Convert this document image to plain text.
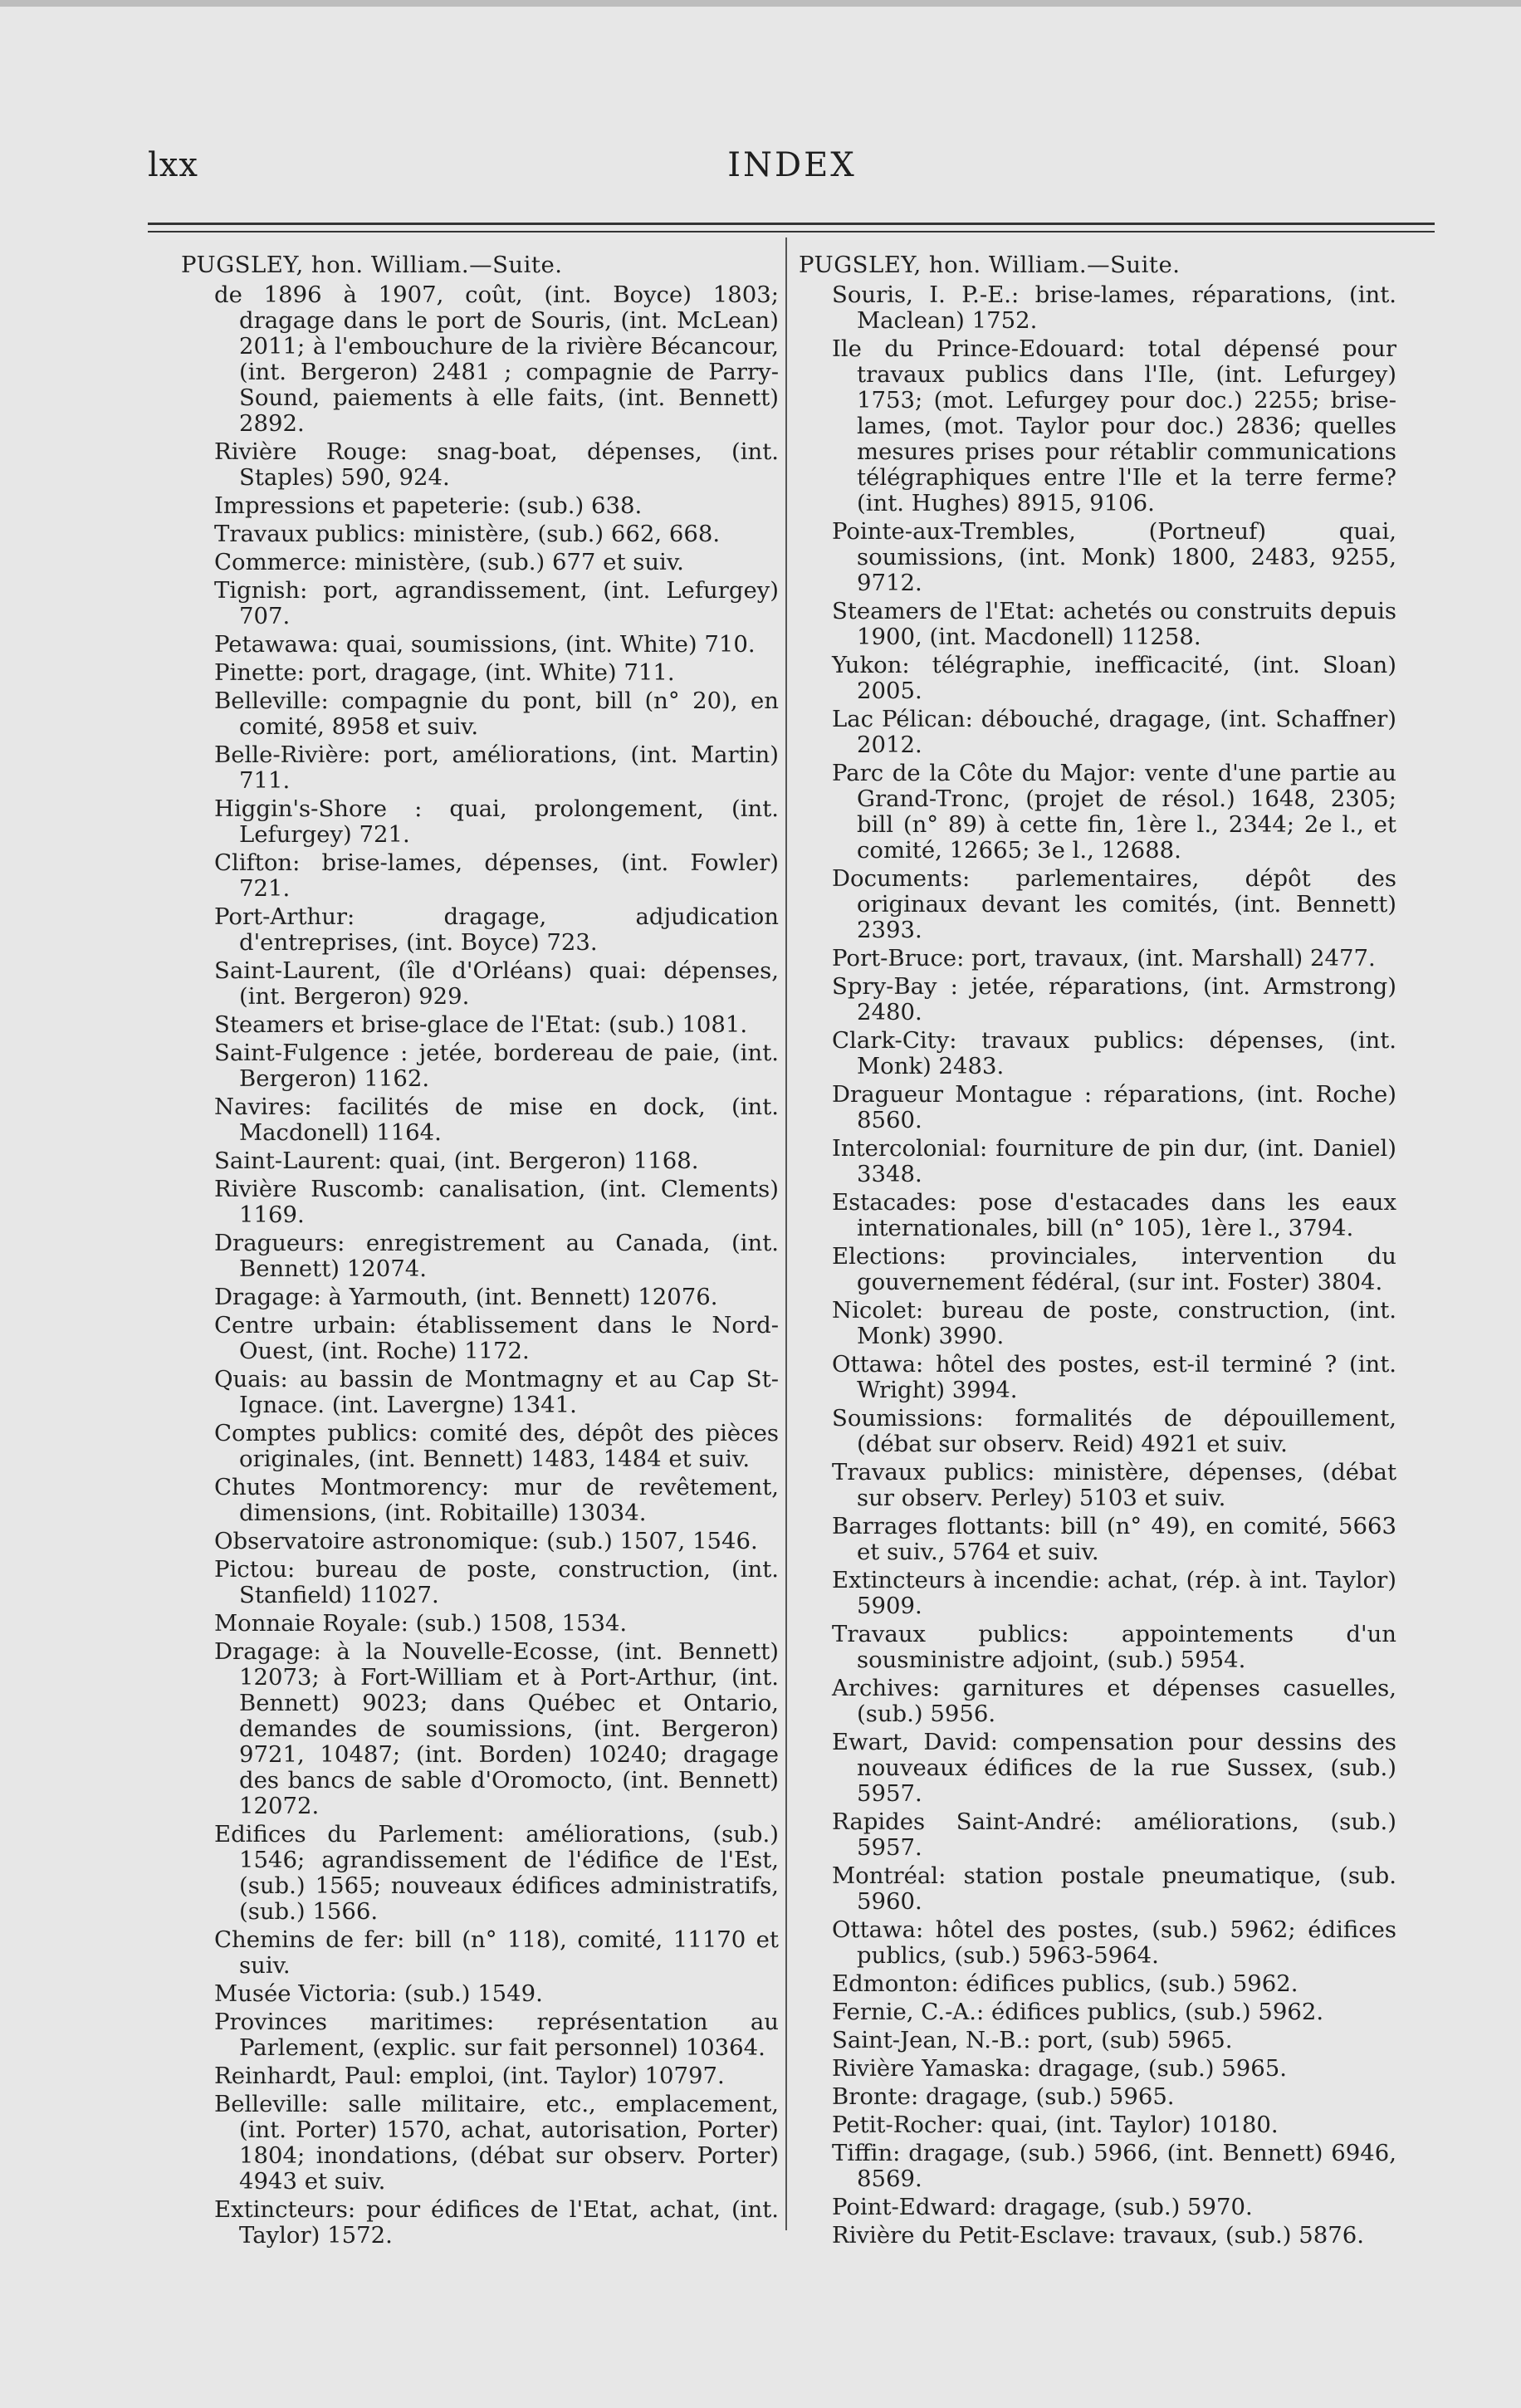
lxx	INDEX
PUGSLEY, hon. William.—Suite.
de 1896 à 1907, coût, (int. Boyce) 1803; dragage dans le port de Souris, (int. McLean) 2011; à l'embouchure de la rivière Bécancour, (int. Bergeron) 2481 ; compagnie de Parry-Sound, paiements à elle faits, (int. Bennett) 2892.
Rivière Rouge: snag-boat, dépenses, (int. Staples) 590, 924.
Impressions et papeterie: (sub.) 638.
Travaux publics: ministère, (sub.) 662, 668.
Commerce: ministère, (sub.) 677 et suiv.
Tignish: port, agrandissement, (int. Lefurgey) 707.
Petawawa: quai, soumissions, (int. White) 710.
Pinette: port, dragage, (int. White) 711.
Belleville: compagnie du pont, bill (n° 20), en comité, 8958 et suiv.
Belle-Rivière: port, améliorations, (int. Martin) 711.
Higgin's-Shore : quai, prolongement, (int. Lefurgey) 721.
Clifton: brise-lames, dépenses, (int. Fowler) 721.
Port-Arthur: dragage, adjudication d'entreprises, (int. Boyce) 723.
Saint-Laurent, (île d'Orléans) quai: dépenses, (int. Bergeron) 929.
Steamers et brise-glace de l'Etat: (sub.) 1081.
Saint-Fulgence : jetée, bordereau de paie, (int. Bergeron) 1162.
Navires: facilités de mise en dock, (int. Macdonell) 1164.
Saint-Laurent: quai, (int. Bergeron) 1168.
Rivière Ruscomb: canalisation, (int. Clements) 1169.
Dragueurs: enregistrement au Canada, (int. Bennett) 12074.
Dragage: à Yarmouth, (int. Bennett) 12076.
Centre urbain: établissement dans le Nord-Ouest, (int. Roche) 1172.
Quais: au bassin de Montmagny et au Cap St-Ignace. (int. Lavergne) 1341.
Comptes publics: comité des, dépôt des pièces originales, (int. Bennett) 1483, 1484 et suiv.
Chutes Montmorency: mur de revêtement, dimensions, (int. Robitaille) 13034.
Observatoire astronomique: (sub.) 1507, 1546.
Pictou: bureau de poste, construction, (int. Stanfield) 11027.
Monnaie Royale: (sub.) 1508, 1534.
Dragage: à la Nouvelle-Ecosse, (int. Bennett) 12073; à Fort-William et à Port-Arthur, (int. Bennett) 9023; dans Québec et Ontario, demandes de soumissions, (int. Bergeron) 9721, 10487; (int. Borden) 10240; dragage des bancs de sable d'Oromocto, (int. Bennett) 12072.
Edifices du Parlement: améliorations, (sub.) 1546; agrandissement de l'édifice de l'Est, (sub.) 1565; nouveaux édifices administratifs, (sub.) 1566.
Chemins de fer: bill (n° 118), comité, 11170 et suiv.
Musée Victoria: (sub.) 1549.
Provinces maritimes: représentation au Parlement, (explic. sur fait personnel) 10364.
Reinhardt, Paul: emploi, (int. Taylor) 10797.
Belleville: salle militaire, etc., emplacement, (int. Porter) 1570, achat, autorisation, Porter) 1804; inondations, (débat sur observ. Porter) 4943 et suiv.
Extincteurs: pour édifices de l'Etat, achat, (int. Taylor) 1572.
PUGSLEY, hon. William.—Suite.
Souris, I. P.-E.: brise-lames, réparations, (int. Maclean) 1752.
Ile du Prince-Edouard: total dépensé pour travaux publics dans l'Ile, (int. Lefurgey) 1753; (mot. Lefurgey pour doc.) 2255; brise-lames, (mot. Taylor pour doc.) 2836; quelles mesures prises pour rétablir communications télégraphiques entre l'Ile et la terre ferme? (int. Hughes) 8915, 9106.
Pointe-aux-Trembles, (Portneuf) quai, soumissions, (int. Monk) 1800, 2483, 9255, 9712.
Steamers de l'Etat: achetés ou construits depuis 1900, (int. Macdonell) 11258.
Yukon: télégraphie, inefficacité, (int. Sloan) 2005.
Lac Pélican: débouché, dragage, (int. Schaffner) 2012.
Parc de la Côte du Major: vente d'une partie au Grand-Tronc, (projet de résol.) 1648, 2305; bill (n° 89) à cette fin, 1ère l., 2344; 2e l., et comité, 12665; 3e l., 12688.
Documents: parlementaires, dépôt des originaux devant les comités, (int. Bennett) 2393.
Port-Bruce: port, travaux, (int. Marshall) 2477.
Spry-Bay : jetée, réparations, (int. Armstrong) 2480.
Clark-City: travaux publics: dépenses, (int. Monk) 2483.
Dragueur Montague : réparations, (int. Roche) 8560.
Intercolonial: fourniture de pin dur, (int. Daniel) 3348.
Estacades: pose d'estacades dans les eaux internationales, bill (n° 105), 1ère l., 3794.
Elections: provinciales, intervention du gouvernement fédéral, (sur int. Foster) 3804.
Nicolet: bureau de poste, construction, (int. Monk) 3990.
Ottawa: hôtel des postes, est-il terminé ? (int. Wright) 3994.
Soumissions: formalités de dépouillement, (débat sur observ. Reid) 4921 et suiv.
Travaux publics: ministère, dépenses, (débat sur observ. Perley) 5103 et suiv.
Barrages flottants: bill (n° 49), en comité, 5663 et suiv., 5764 et suiv.
Extincteurs à incendie: achat, (rép. à int. Taylor) 5909.
Travaux publics: appointements d'un sousministre adjoint, (sub.) 5954.
Archives: garnitures et dépenses casuelles, (sub.) 5956.
Ewart, David: compensation pour dessins des nouveaux édifices de la rue Sussex, (sub.) 5957.
Rapides Saint-André: améliorations, (sub.) 5957.
Montréal: station postale pneumatique, (sub. 5960.
Ottawa: hôtel des postes, (sub.) 5962; édifices publics, (sub.) 5963-5964.
Edmonton: édifices publics, (sub.) 5962.
Fernie, C.-A.: édifices publics, (sub.) 5962.
Saint-Jean, N.-B.: port, (sub) 5965.
Rivière Yamaska: dragage, (sub.) 5965.
Bronte: dragage, (sub.) 5965.
Petit-Rocher: quai, (int. Taylor) 10180.
Tiffin: dragage, (sub.) 5966, (int. Bennett) 6946, 8569.
Point-Edward: dragage, (sub.) 5970.
Rivière du Petit-Esclave: travaux, (sub.) 5876.
